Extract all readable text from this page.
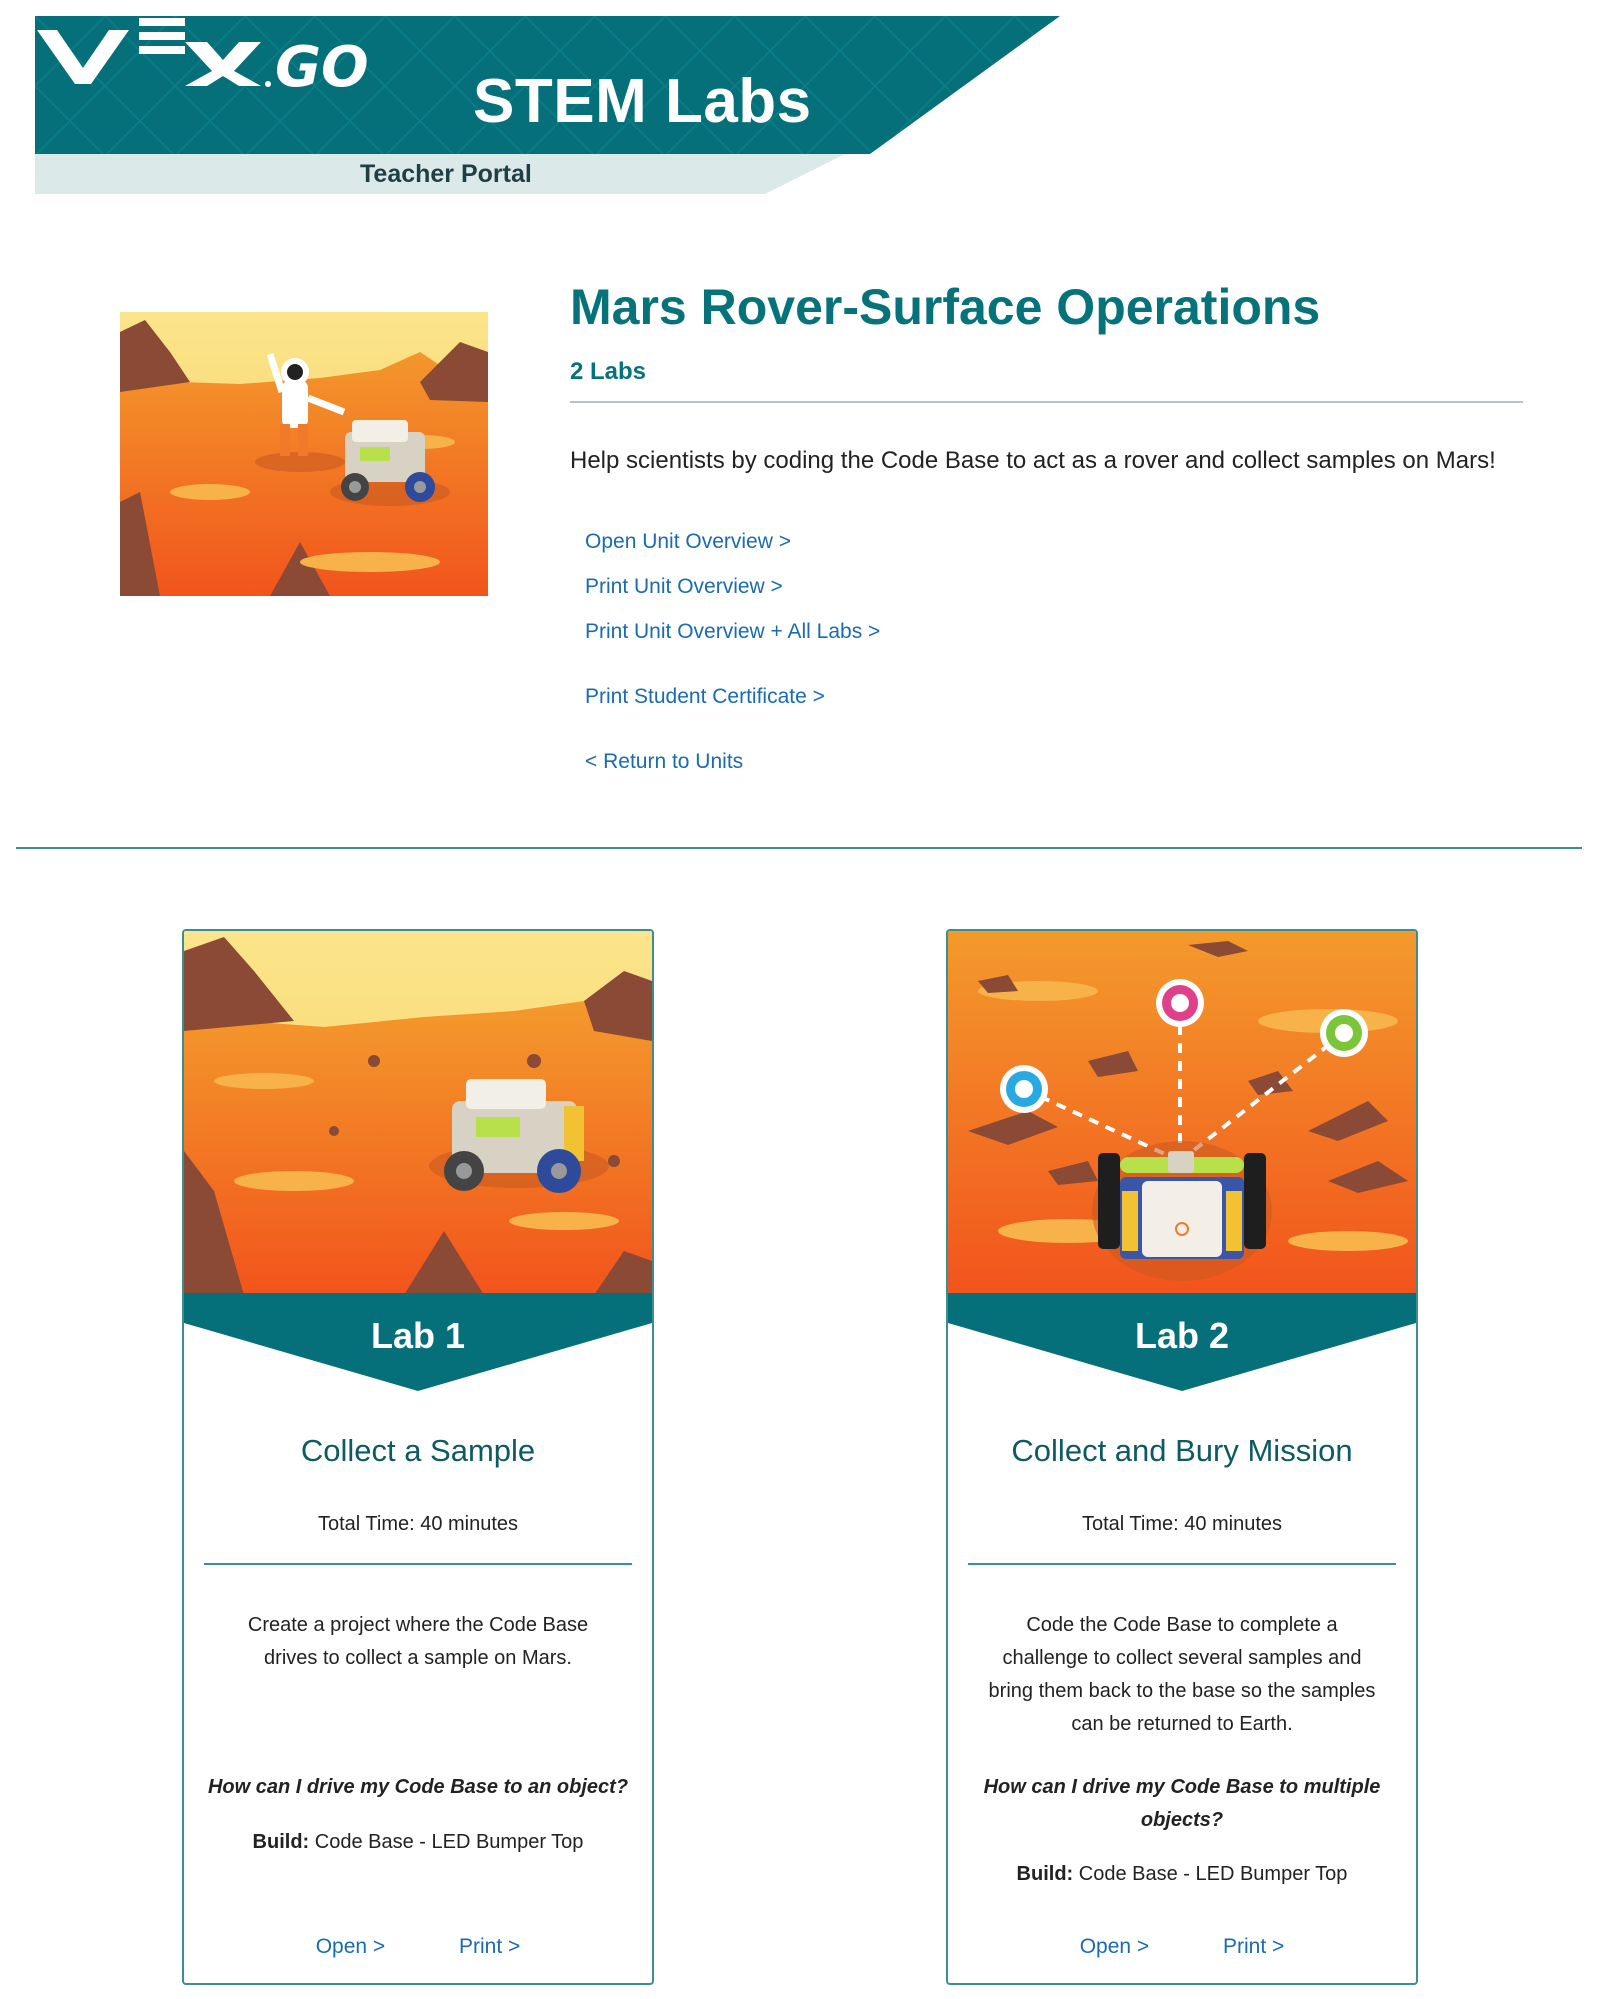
GO STEM Labs
Teacher Portal
Mars Rover-Surface Operations
2 Labs
Help scientists by coding the Code Base to act as a rover and collect samples on Mars!
Open Unit Overview >
Print Unit Overview >
Print Unit Overview + All Labs >
Print Student Certificate >
< Return to Units
Lab 1
Collect a Sample
Total Time: 40 minutes
Create a project where the Code Base drives to collect a sample on Mars.
How can I drive my Code Base to an object?
Build: Code Base - LED Bumper Top
Open >	Print >
Lab 2
Collect and Bury Mission
Total Time: 40 minutes
Code the Code Base to complete a challenge to collect several samples and bring them back to the base so the samples can be returned to Earth.
How can I drive my Code Base to multiple objects?
Build: Code Base - LED Bumper Top
Open >	Print >
